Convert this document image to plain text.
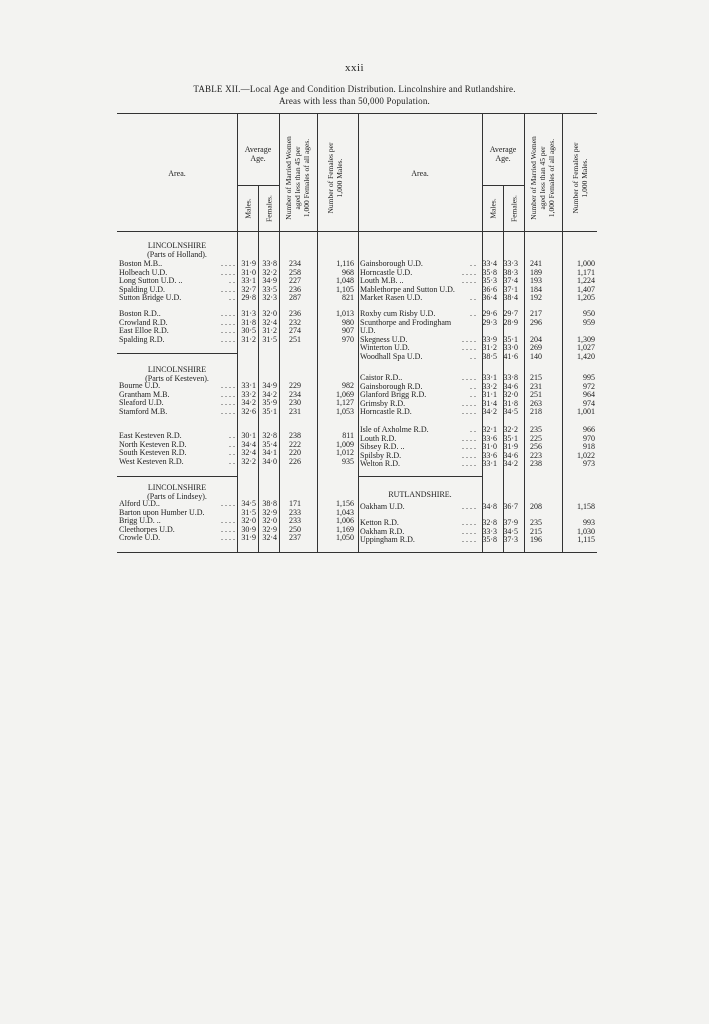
xxii
TABLE XII.—Local Age and Condition Distribution. Lincolnshire and Rutlandshire.
Areas with less than 50,000 Population.
Area.	Area.
Average Age.
Average Age.
Males. Females.	Males. Females.
Number of Married Women aged less than 45 per 1,000 Females of all ages. Number of Females per 1,000 Males.	Number of Married Women aged less than 45 per 1,000 Females of all ages. Number of Females per 1,000 Males.
LINCOLNSHIRE
(Parts of Holland).
Boston M.B..	. . . . 31·9 33·8	234	1,116
Holbeach U.D.	. . . . 31·0 32·2	258	968
Long Sutton U.D. ..	. . 33·1 34·9	227	1,048
Spalding U.D.	. . . . 32·7 33·5	236	1,105
Sutton Bridge U.D.	. . 29·8 32·3	287	821
Boston R.D..	. . . . 31·3 32·0	236	1,013
Crowland R.D.	. . . . 31·8 32·4	232	980
East Elloe R.D.	. . . . 30·5 31·2	274	907
Spalding R.D.	. . . . 31·2 31·5	251	970
LINCOLNSHIRE
(Parts of Kesteven).
Bourne U.D.	. . . . 33·1 34·9	229	982
Grantham M.B.	. . . . 33·2 34·2	234	1,069
Sleaford U.D.	. . . . 34·2 35·9	230	1,127
Stamford M.B.	. . . . 32·6 35·1	231	1,053
East Kesteven R.D.	. . 30·1 32·8	238	811
North Kesteven R.D.	. . 34·4 35·4	222	1,009
South Kesteven R.D.	. . 32·4 34·1	220	1,012
West Kesteven R.D.	. . 32·2 34·0	226	935
LINCOLNSHIRE
(Parts of Lindsey).
Alford U.D..	. . . . 34·5 38·8	171	1,156
Barton upon Humber U.D.	31·5 32·9	233	1,043
Brigg U.D. ..	. . . . 32·0 32·0	233	1,006
Cleethorpes U.D.	. . . . 30·9 32·9	250	1,169
Crowle U.D.	. . . . 31·9 32·4	237	1,050
Gainsborough U.D.	. . 33·4 33·3	241	1,000
Horncastle U.D.	. . . . 35·8 38·3	189	1,171
Louth M.B. ..	. . . . 35·3 37·4	193	1,224
Mablethorpe and Sutton U.D.	36·6 37·1	184	1,407
Market Rasen U.D.	. . 36·4 38·4	192	1,205
Roxby cum Risby U.D.	. . 29·6 29·7	217	950
Scunthorpe and Frodingham	29·3 28·9	296	959
U.D.
Skegness U.D.	. . . . 33·9 35·1	204	1,309
Winterton U.D.	. . . . 31·2 33·0	269	1,027
Woodhall Spa U.D.	. . 38·5 41·6	140	1,420
Caistor R.D..	. . . . 33·1 33·8	215	995
Gainsborough R.D.	. . 33·2 34·6	231	972
Glanford Brigg R.D.	. . 31·1 32·0	251	964
Grimsby R.D.	. . . . 31·4 31·8	263	974
Horncastle R.D.	. . . . 34·2 34·5	218	1,001
Isle of Axholme R.D.	. . 32·1 32·2	235	966
Louth R.D.	. . . . 33·6 35·1	225	970
Sibsey R.D. ..	. . . . 31·0 31·9	256	918
Spilsby R.D.	. . . . 33·6 34·6	223	1,022
Welton R.D.	. . . . 33·1 34·2	238	973
RUTLANDSHIRE.
Oakham U.D.	. . . . 34·8 36·7	208	1,158
Ketton R.D.	. . . . 32·8 37·9	235	993
Oakham R.D.	. . . . 33·3 34·5	215	1,030
Uppingham R.D.	. . . . 35·8 37·3	196	1,115
